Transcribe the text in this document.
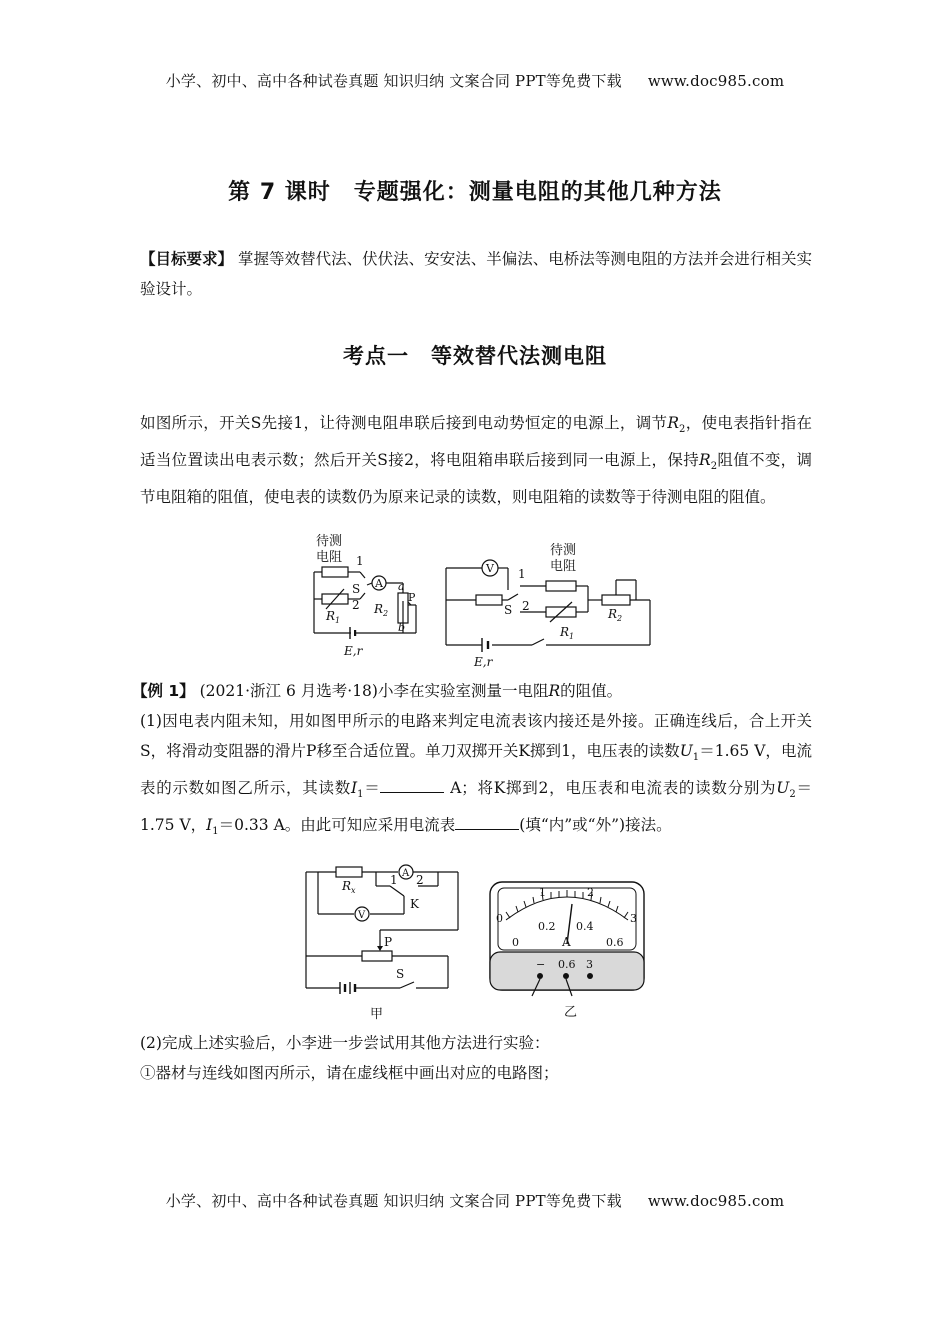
小学、初中、高中各种试卷真题 知识归纳 文案合同 PPT等免费下载 www.doc985.com
第 7 课时　专题强化：测量电阻的其他几种方法
【目标要求】 掌握等效替代法、伏伏法、安安法、半偏法、电桥法等测电阻的方法并会进行相关实验设计。
考点一　等效替代法测电阻
如图所示，开关S先接1，让待测电阻串联后接到电动势恒定的电源上，调节$R_2$，使电表指针指在适当位置读出电表示数；然后开关S接2，将电阻箱串联后接到同一电源上，保持$R_2$阻值不变，调节电阻箱的阻值，使电表的读数仍为原来记录的读数，则电阻箱的读数等于待测电阻的阻值。
待测
电阻 1
S
2
A
$R_1$
$R_2$
a
P
b
E,r
V 1
S 2
待测
电阻
$R_1$
$R_2$
E,r
【例 1】 (2021·浙江 6 月选考·18)小李在实验室测量一电阻R的阻值。
(1)因电表内阻未知，用如图甲所示的电路来判定电流表该内接还是外接。正确连线后，合上开关S，将滑动变阻器的滑片P移至合适位置。单刀双掷开关K掷到1，电压表的读数$U_1=1.65$ V，电流表的示数如图乙所示，其读数$I_1=$	A；将K掷到2，电压表和电流表的读数分别为$U_2=1.75$ V，$I_1=0.33$ A。由此可知应采用电流表	(填“内”或“外”)接法。
$R_x$
A
V
1 2
K
P
S
甲
0
1	2
3
0.2 0.4
0	0.6
A
− 0.6 3
乙
(2)完成上述实验后，小李进一步尝试用其他方法进行实验：
①器材与连线如图丙所示，请在虚线框中画出对应的电路图；
小学、初中、高中各种试卷真题 知识归纳 文案合同 PPT等免费下载 www.doc985.com
